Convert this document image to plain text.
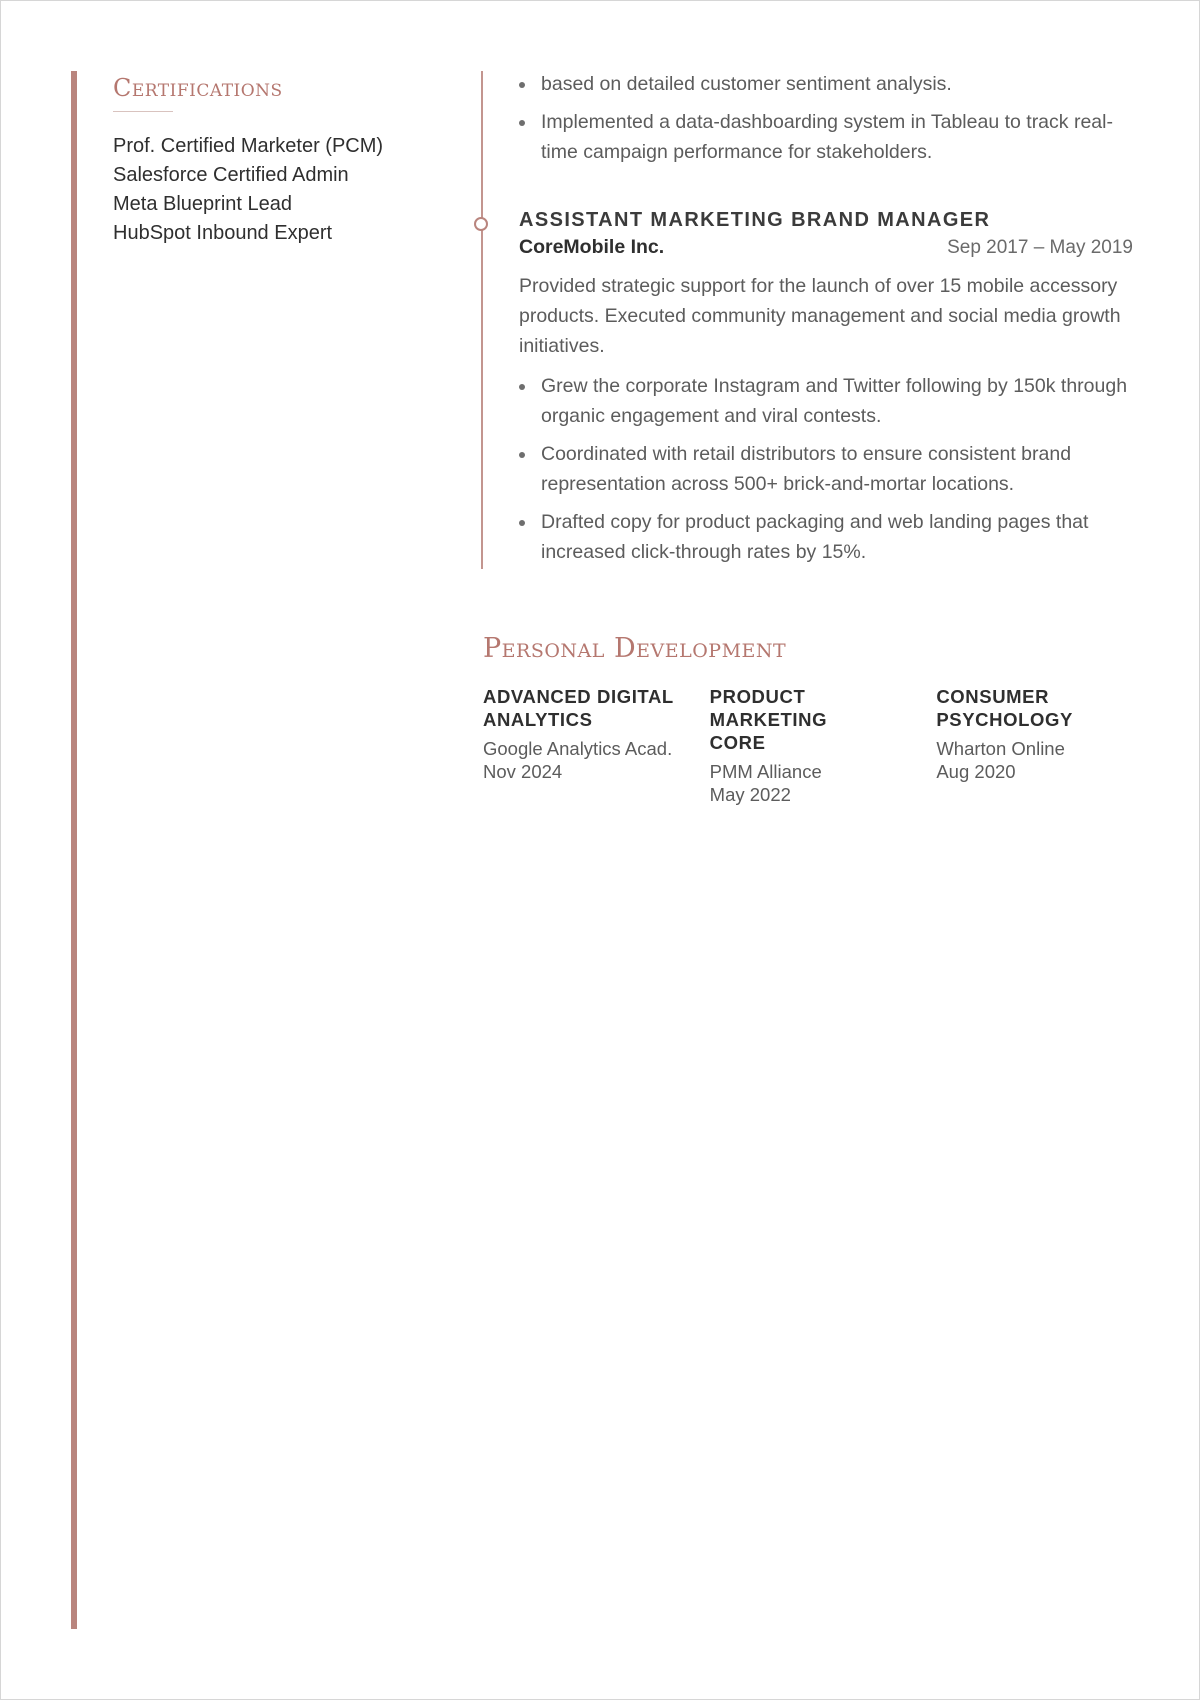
Certifications
Prof. Certified Marketer (PCM)
Salesforce Certified Admin
Meta Blueprint Lead
HubSpot Inbound Expert
based on detailed customer sentiment analysis.
Implemented a data-dashboarding system in Tableau to track real-time campaign performance for stakeholders.
ASSISTANT MARKETING BRAND MANAGER
CoreMobile Inc.	Sep 2017 – May 2019

Provided strategic support for the launch of over 15 mobile accessory products. Executed community management and social media growth initiatives.

Grew the corporate Instagram and Twitter following by 150k through organic engagement and viral contests.
Coordinated with retail distributors to ensure consistent brand representation across 500+ brick-and-mortar locations.
Drafted copy for product packaging and web landing pages that increased click-through rates by 15%.
Personal Development

ADVANCED DIGITAL ANALYTICS

Google Analytics Acad.
Nov 2024

PRODUCT MARKETING CORE

PMM Alliance
May 2022

CONSUMER PSYCHOLOGY

Wharton Online
Aug 2020
